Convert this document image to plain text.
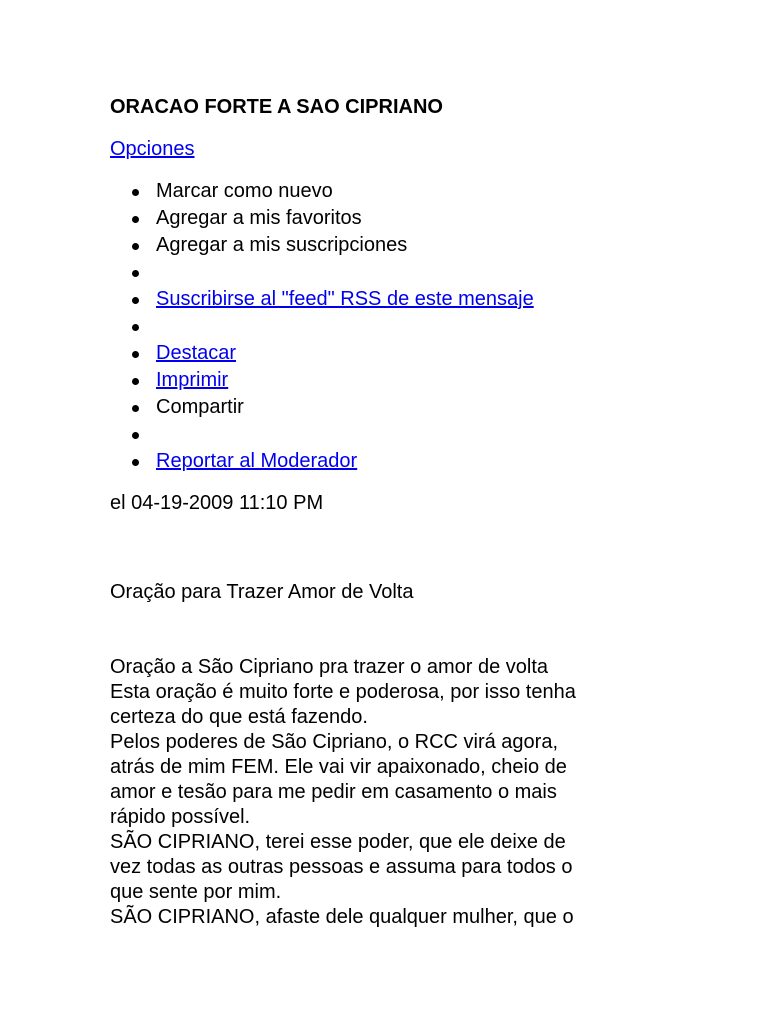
ORACAO FORTE A SAO CIPRIANO
Opciones
Marcar como nuevo
Agregar a mis favoritos
Agregar a mis suscripciones
Suscribirse al "feed" RSS de este mensaje
Destacar
Imprimir
Compartir
Reportar al Moderador
el 04-19-2009 11:10 PM
Oração para Trazer Amor de Volta

Oração a São Cipriano pra trazer o amor de volta

Esta oração é muito forte e poderosa, por isso tenha

certeza do que está fazendo.

Pelos poderes de São Cipriano, o RCC virá agora,

atrás de mim FEM. Ele vai vir apaixonado, cheio de

amor e tesão para me pedir em casamento o mais

rápido possível.

SÃO CIPRIANO, terei esse poder, que ele deixe de

vez todas as outras pessoas e assuma para todos o

que sente por mim.

SÃO CIPRIANO, afaste dele qualquer mulher, que o
